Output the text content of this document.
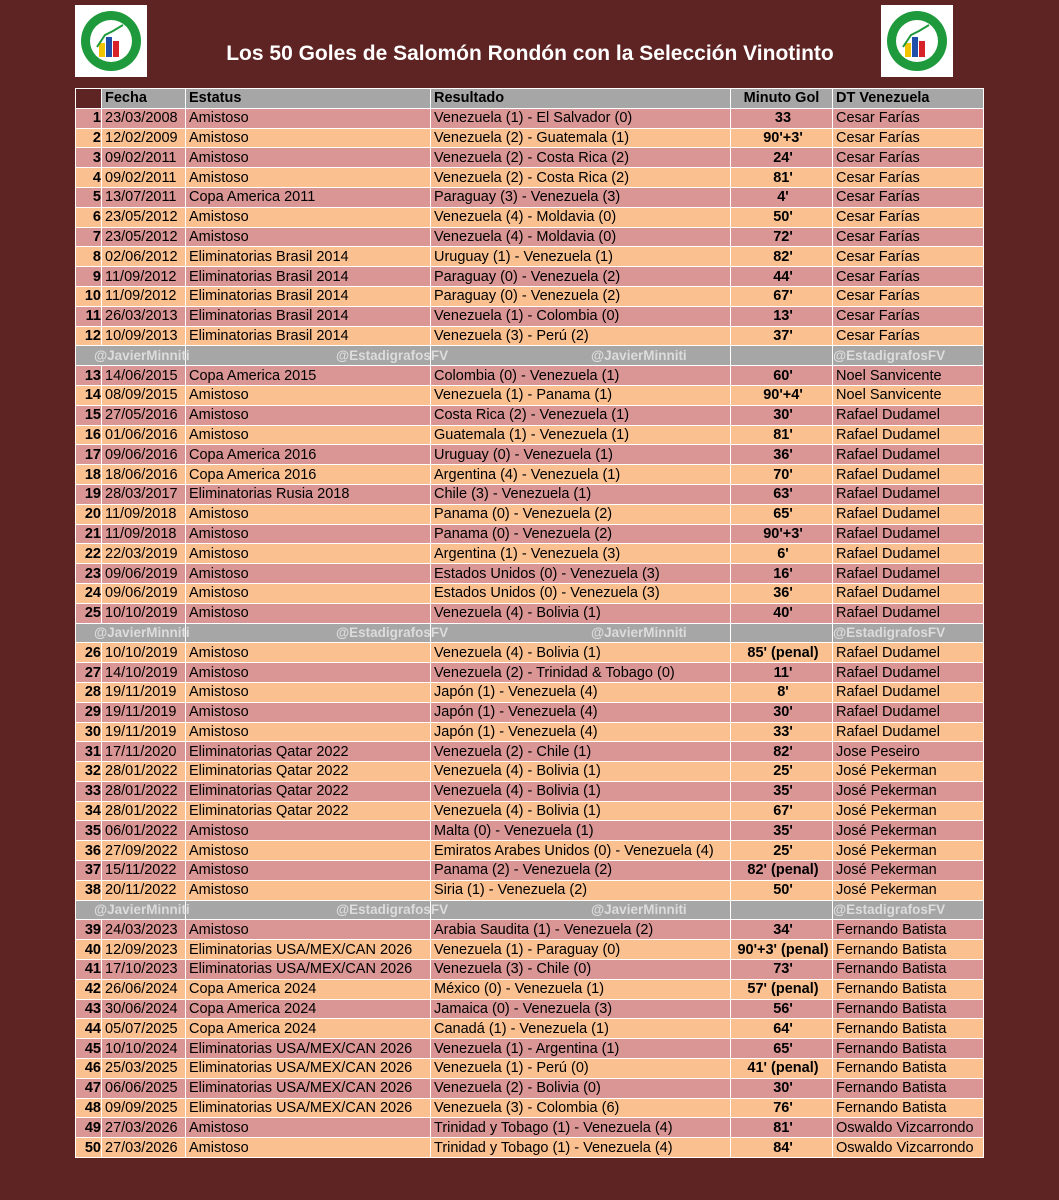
Los 50 Goles de Salomón Rondón con la Selección Vinotinto
	Fecha	Estatus	Resultado	Minuto Gol	DT Venezuela
1	23/03/2008	Amistoso	Venezuela (1) - El Salvador (0)	33	Cesar Farías
2	12/02/2009	Amistoso	Venezuela (2) - Guatemala (1)	90'+3'	Cesar Farías
3	09/02/2011	Amistoso	Venezuela (2) - Costa Rica (2)	24'	Cesar Farías
4	09/02/2011	Amistoso	Venezuela (2) - Costa Rica (2)	81'	Cesar Farías
5	13/07/2011	Copa America 2011	Paraguay (3) - Venezuela (3)	4'	Cesar Farías
6	23/05/2012	Amistoso	Venezuela (4) - Moldavia (0)	50'	Cesar Farías
7	23/05/2012	Amistoso	Venezuela (4) - Moldavia (0)	72'	Cesar Farías
8	02/06/2012	Eliminatorias Brasil 2014	Uruguay (1) - Venezuela (1)	82'	Cesar Farías
9	11/09/2012	Eliminatorias Brasil 2014	Paraguay (0) - Venezuela (2)	44'	Cesar Farías
10	11/09/2012	Eliminatorias Brasil 2014	Paraguay (0) - Venezuela (2)	67'	Cesar Farías
11	26/03/2013	Eliminatorias Brasil 2014	Venezuela (1) - Colombia (0)	13'	Cesar Farías
12	10/09/2013	Eliminatorias Brasil 2014	Venezuela (3) - Perú (2)	37'	Cesar Farías
@JavierMinniti		@EstadigrafosFV	@JavierMinniti		@EstadigrafosFV
13	14/06/2015	Copa America 2015	Colombia (0) - Venezuela (1)	60'	Noel Sanvicente
14	08/09/2015	Amistoso	Venezuela (1) - Panama (1)	90'+4'	Noel Sanvicente
15	27/05/2016	Amistoso	Costa Rica (2) - Venezuela (1)	30'	Rafael Dudamel
16	01/06/2016	Amistoso	Guatemala (1) - Venezuela (1)	81'	Rafael Dudamel
17	09/06/2016	Copa America 2016	Uruguay (0) - Venezuela (1)	36'	Rafael Dudamel
18	18/06/2016	Copa America 2016	Argentina (4) - Venezuela (1)	70'	Rafael Dudamel
19	28/03/2017	Eliminatorias Rusia 2018	Chile (3) - Venezuela (1)	63'	Rafael Dudamel
20	11/09/2018	Amistoso	Panama (0) - Venezuela (2)	65'	Rafael Dudamel
21	11/09/2018	Amistoso	Panama (0) - Venezuela (2)	90'+3'	Rafael Dudamel
22	22/03/2019	Amistoso	Argentina (1) - Venezuela (3)	6'	Rafael Dudamel
23	09/06/2019	Amistoso	Estados Unidos (0) - Venezuela (3)	16'	Rafael Dudamel
24	09/06/2019	Amistoso	Estados Unidos (0) - Venezuela (3)	36'	Rafael Dudamel
25	10/10/2019	Amistoso	Venezuela (4) - Bolivia (1)	40'	Rafael Dudamel
@JavierMinniti		@EstadigrafosFV	@JavierMinniti		@EstadigrafosFV
26	10/10/2019	Amistoso	Venezuela (4) - Bolivia (1)	85' (penal)	Rafael Dudamel
27	14/10/2019	Amistoso	Venezuela (2) - Trinidad & Tobago (0)	11'	Rafael Dudamel
28	19/11/2019	Amistoso	Japón (1) - Venezuela (4)	8'	Rafael Dudamel
29	19/11/2019	Amistoso	Japón (1) - Venezuela (4)	30'	Rafael Dudamel
30	19/11/2019	Amistoso	Japón (1) - Venezuela (4)	33'	Rafael Dudamel
31	17/11/2020	Eliminatorias Qatar 2022	Venezuela (2) - Chile (1)	82'	Jose Peseiro
32	28/01/2022	Eliminatorias Qatar 2022	Venezuela (4) - Bolivia (1)	25'	José Pekerman
33	28/01/2022	Eliminatorias Qatar 2022	Venezuela (4) - Bolivia (1)	35'	José Pekerman
34	28/01/2022	Eliminatorias Qatar 2022	Venezuela (4) - Bolivia (1)	67'	José Pekerman
35	06/01/2022	Amistoso	Malta (0) - Venezuela (1)	35'	José Pekerman
36	27/09/2022	Amistoso	Emiratos Arabes Unidos (0) - Venezuela (4)	25'	José Pekerman
37	15/11/2022	Amistoso	Panama (2) - Venezuela (2)	82' (penal)	José Pekerman
38	20/11/2022	Amistoso	Siria (1) - Venezuela (2)	50'	José Pekerman
@JavierMinniti		@EstadigrafosFV	@JavierMinniti		@EstadigrafosFV
39	24/03/2023	Amistoso	Arabia Saudita (1) - Venezuela (2)	34'	Fernando Batista
40	12/09/2023	Eliminatorias USA/MEX/CAN 2026	Venezuela (1) - Paraguay (0)	90'+3' (penal)	Fernando Batista
41	17/10/2023	Eliminatorias USA/MEX/CAN 2026	Venezuela (3) - Chile (0)	73'	Fernando Batista
42	26/06/2024	Copa America 2024	México (0) - Venezuela (1)	57' (penal)	Fernando Batista
43	30/06/2024	Copa America 2024	Jamaica (0) - Venezuela (3)	56'	Fernando Batista
44	05/07/2025	Copa America 2024	Canadá (1) - Venezuela (1)	64'	Fernando Batista
45	10/10/2024	Eliminatorias USA/MEX/CAN 2026	Venezuela (1) - Argentina (1)	65'	Fernando Batista
46	25/03/2025	Eliminatorias USA/MEX/CAN 2026	Venezuela (1) - Perú (0)	41' (penal)	Fernando Batista
47	06/06/2025	Eliminatorias USA/MEX/CAN 2026	Venezuela (2) - Bolivia (0)	30'	Fernando Batista
48	09/09/2025	Eliminatorias USA/MEX/CAN 2026	Venezuela (3) - Colombia (6)	76'	Fernando Batista
49	27/03/2026	Amistoso	Trinidad y Tobago (1) - Venezuela (4)	81'	Oswaldo Vizcarrondo
50	27/03/2026	Amistoso	Trinidad y Tobago (1) - Venezuela (4)	84'	Oswaldo Vizcarrondo
